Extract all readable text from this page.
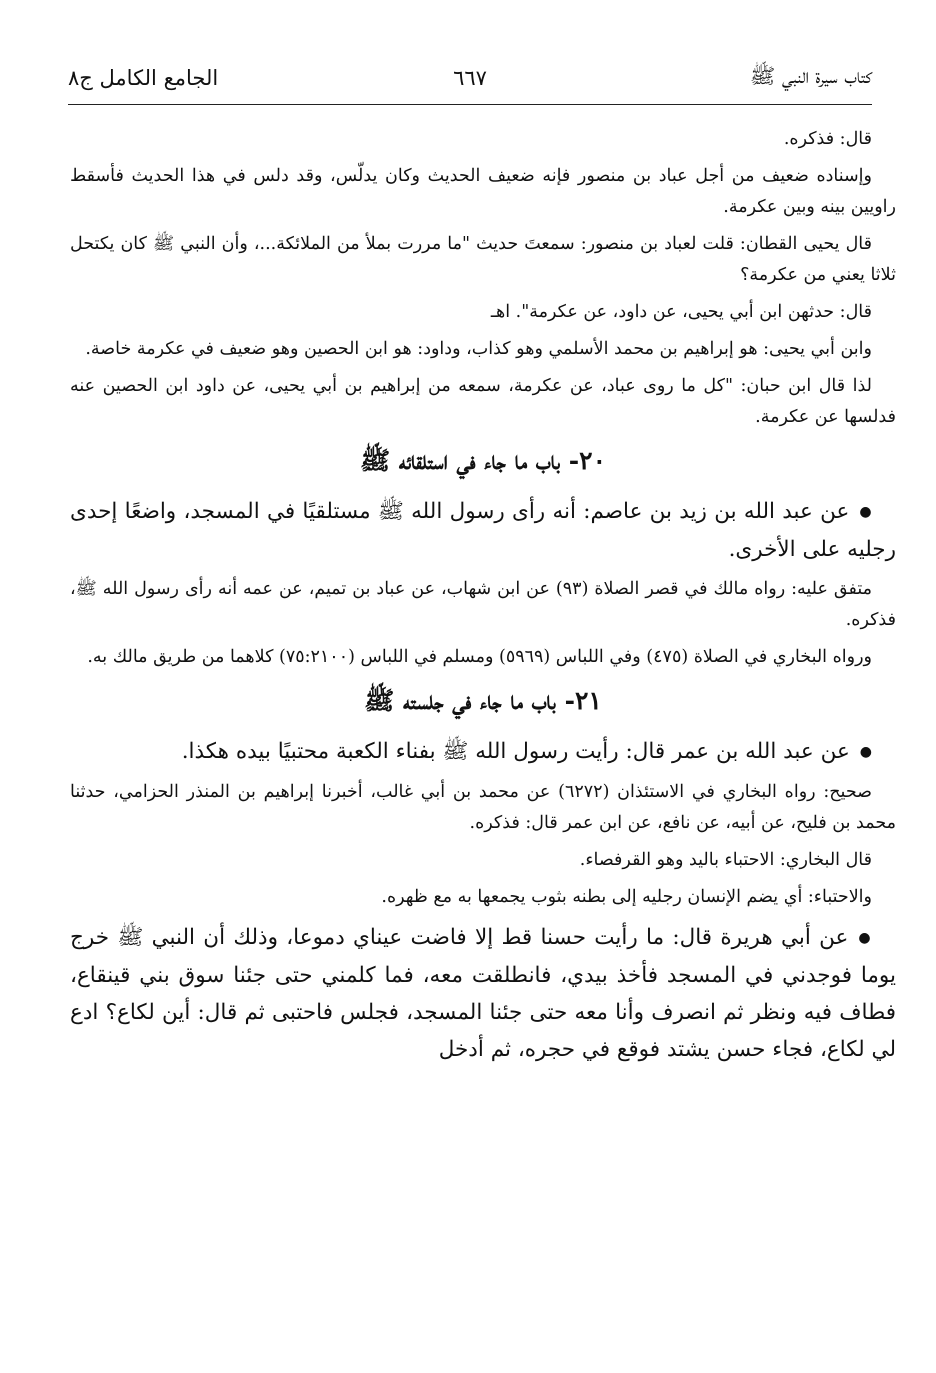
كتاب سيرة النبي ﷺ
٦٦٧
الجامع الكامل ج٨

قال: فذكره.

وإسناده ضعيف من أجل عباد بن منصور فإنه ضعيف الحديث وكان يدلّس، وقد دلس في هذا الحديث فأسقط راويين بينه وبين عكرمة.

قال يحيى القطان: قلت لعباد بن منصور: سمعتَ حديث "ما مررت بملأ من الملائكة...، وأن النبي ﷺ كان يكتحل ثلاثا يعني من عكرمة؟

قال: حدثهن ابن أبي يحيى، عن داود، عن عكرمة". اهـ

وابن أبي يحيى: هو إبراهيم بن محمد الأسلمي وهو كذاب، وداود: هو ابن الحصين وهو ضعيف في عكرمة خاصة.

لذا قال ابن حبان: "كل ما روى عباد، عن عكرمة، سمعه من إبراهيم بن أبي يحيى، عن داود ابن الحصين عنه فدلسها عن عكرمة.

٢٠- باب ما جاء في استلقائه ﷺ

●عن عبد الله بن زيد بن عاصم: أنه رأى رسول الله ﷺ مستلقيًا في المسجد، واضعًا إحدى رجليه على الأخرى.

متفق عليه: رواه مالك في قصر الصلاة (٩٣) عن ابن شهاب، عن عباد بن تميم، عن عمه أنه رأى رسول الله ﷺ، فذكره.

ورواه البخاري في الصلاة (٤٧٥) وفي اللباس (٥٩٦٩) ومسلم في اللباس (٧٥:٢١٠٠) كلاهما من طريق مالك به.

٢١- باب ما جاء في جلسته ﷺ

●عن عبد الله بن عمر قال: رأيت رسول الله ﷺ بفناء الكعبة محتبيًا بيده هكذا.

صحيح: رواه البخاري في الاستئذان (٦٢٧٢) عن محمد بن أبي غالب، أخبرنا إبراهيم بن المنذر الحزامي، حدثنا محمد بن فليح، عن أبيه، عن نافع، عن ابن عمر قال: فذكره.

قال البخاري: الاحتباء باليد وهو القرفصاء.

والاحتباء: أي يضم الإنسان رجليه إلى بطنه بثوب يجمعها به مع ظهره.

●عن أبي هريرة قال: ما رأيت حسنا قط إلا فاضت عيناي دموعا، وذلك أن النبي ﷺ خرج يوما فوجدني في المسجد فأخذ بيدي، فانطلقت معه، فما كلمني حتى جئنا سوق بني قينقاع، فطاف فيه ونظر ثم انصرف وأنا معه حتى جئنا المسجد، فجلس فاحتبى ثم قال: أين لكاع؟ ادع لي لكاع، فجاء حسن يشتد فوقع في حجره، ثم أدخل
